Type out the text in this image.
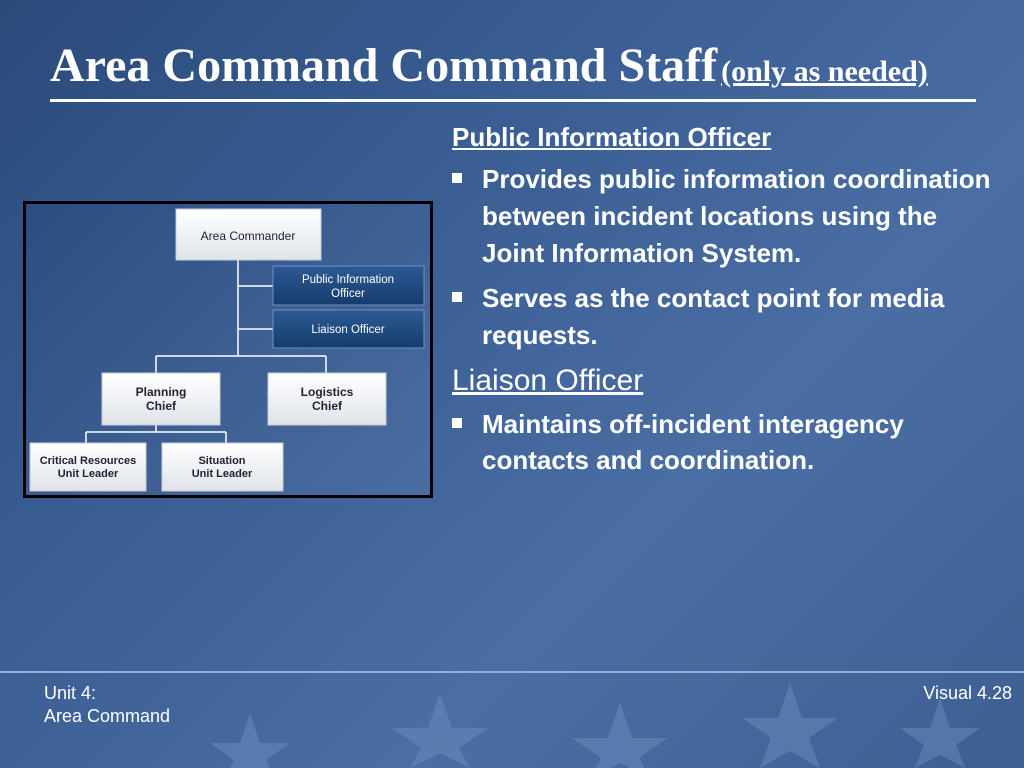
Area Command Command Staff (only as needed)
Area Commander
Public Information
Officer
Liaison Officer
Planning
Chief
Logistics
Chief
Critical Resources
Unit Leader
Situation
Unit Leader
Public Information Officer
Provides public information coordination between incident locations using the Joint Information System.
Serves as the contact point for media requests.
Liaison Officer
Maintains off-incident interagency contacts and coordination.
Unit 4:
Area Command
Visual 4.28
